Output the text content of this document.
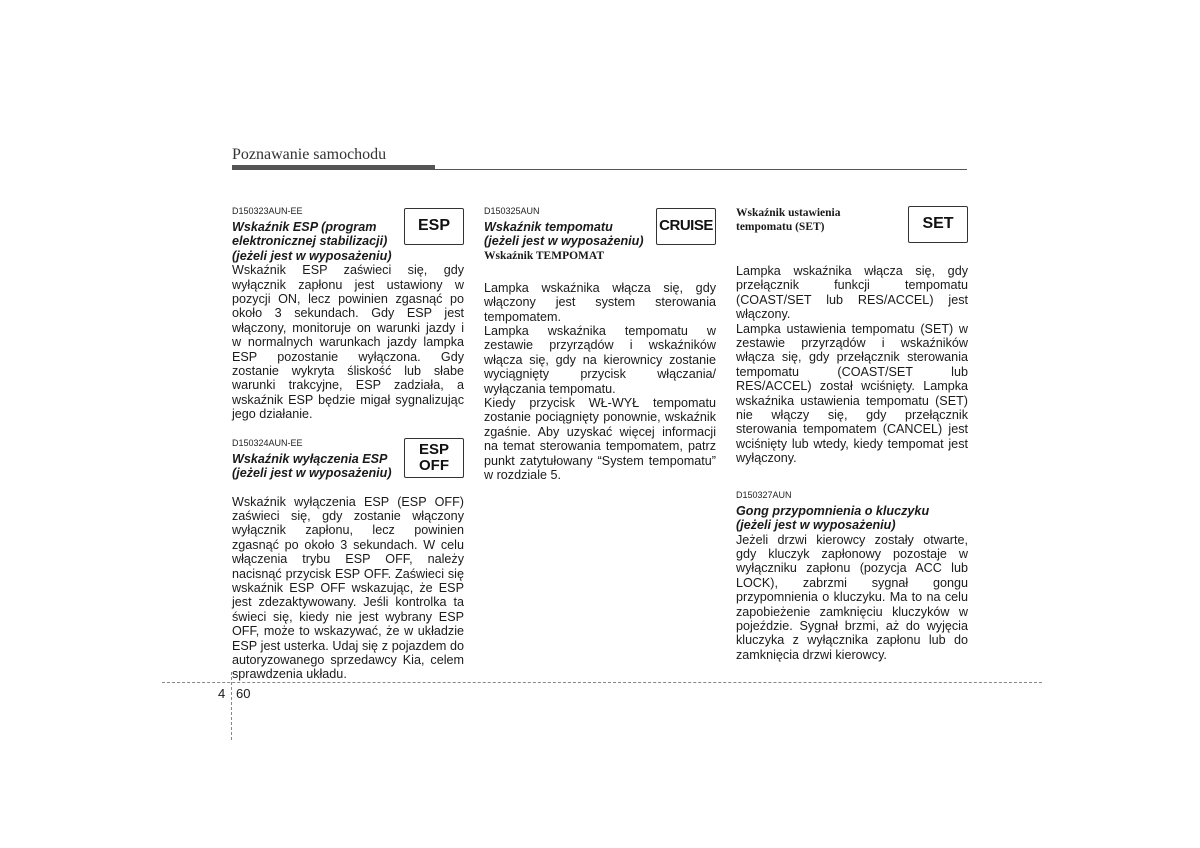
Poznawanie samochodu
D150323AUN-EE
Wskaźnik ESP (program
elektronicznej stabilizacji)
(jeżeli jest w wyposażeniu)
ESP

Wskaźnik ESP zaświeci się, gdy wyłącznik zapłonu jest ustawiony w pozycji ON, lecz powinien zgasnąć po około 3 sekundach. Gdy ESP jest włączony, monitoruje on warunki jazdy i w normalnych warunkach jazdy lampka ESP pozostanie wyłączona. Gdy zostanie wykryta śliskość lub słabe warunki trakcyjne, ESP zadziała, a wskaźnik ESP będzie migał sygnalizując jego działanie.

D150324AUN-EE
Wskaźnik wyłączenia ESP
(jeżeli jest w wyposażeniu)
ESP
OFF

Wskaźnik wyłączenia ESP (ESP OFF) zaświeci się, gdy zostanie włączony wyłącznik zapłonu, lecz powinien zgasnąć po około 3 sekundach. W celu włączenia trybu ESP OFF, należy nacisnąć przycisk ESP OFF. Zaświeci się wskaźnik ESP OFF wskazując, że ESP jest zdezaktywowany. Jeśli kontrolka ta świeci się, kiedy nie jest wybrany ESP OFF, może to wskazywać, że w układzie ESP jest usterka. Udaj się z pojazdem do autoryzowanego sprzedawcy Kia, celem sprawdzenia układu.

D150325AUN
Wskaźnik tempomatu
(jeżeli jest w wyposażeniu)
CRUISE
Wskaźnik TEMPOMAT

Lampka wskaźnika włącza się, gdy włączony jest system sterowania tempomatem.

Lampka wskaźnika tempomatu w zestawie przyrządów i wskaźników włącza się, gdy na kierownicy zostanie wyciągnięty przycisk włączania/ wyłączania tempomatu.

Kiedy przycisk WŁ-WYŁ tempomatu zostanie pociągnięty ponownie, wskaźnik zgaśnie. Aby uzyskać więcej informacji na temat sterowania tempomatem, patrz punkt zatytułowany “System tempomatu” w rozdziale 5.

Wskaźnik ustawienia
tempomatu (SET)	SET

Lampka wskaźnika włącza się, gdy przełącznik funkcji tempomatu (COAST/SET lub RES/ACCEL) jest włączony.

Lampka ustawienia tempomatu (SET) w zestawie przyrządów i wskaźników włącza się, gdy przełącznik sterowania tempomatu (COAST/SET lub RES/ACCEL) został wciśnięty. Lampka wskaźnika ustawienia tempomatu (SET) nie włączy się, gdy przełącznik sterowania tempomatem (CANCEL) jest wciśnięty lub wtedy, kiedy tempomat jest wyłączony.

D150327AUN
Gong przypomnienia o kluczyku
(jeżeli jest w wyposażeniu)

Jeżeli drzwi kierowcy zostały otwarte, gdy kluczyk zapłonowy pozostaje w wyłączniku zapłonu (pozycja ACC lub LOCK), zabrzmi sygnał gongu przypomnienia o kluczyku. Ma to na celu zapobieżenie zamknięciu kluczyków w pojeździe. Sygnał brzmi, aż do wyjęcia kluczyka z wyłącznika zapłonu lub do zamknięcia drzwi kierowcy.

4 60
